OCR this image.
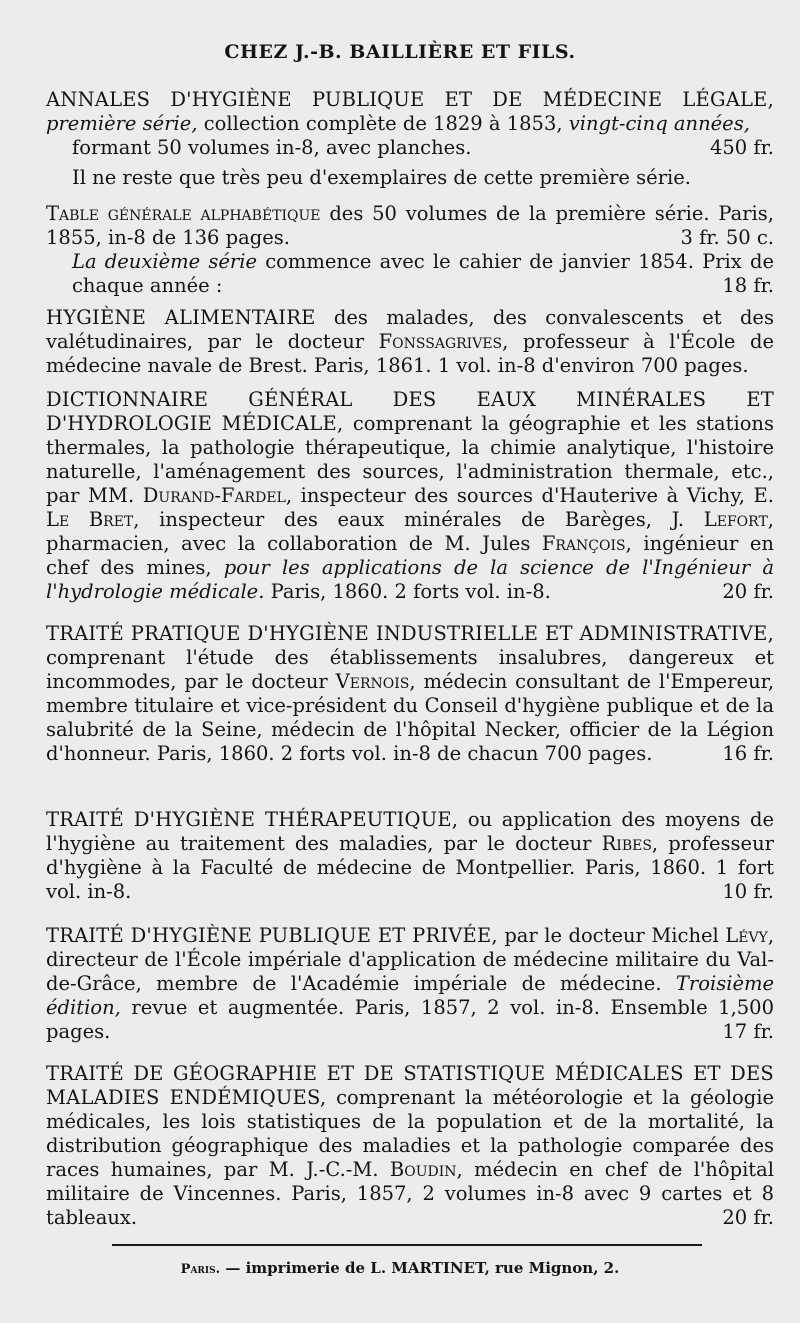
CHEZ J.-B. BAILLIÈRE ET FILS.

ANNALES D'HYGIÈNE PUBLIQUE ET DE MÉDECINE LÉGALE, première série, collection complète de 1829 à 1853, vingt-cinq années,

formant 50 volumes in-8, avec planches.	450 fr.

Il ne reste que très peu d'exemplaires de cette première série.

Table générale alphabétique des 50 volumes de la première série. Paris, 1855, in-8 de 136 pages.	3 fr. 50 c.

La deuxième série commence avec le cahier de janvier 1854. Prix de chaque année :	18 fr.

HYGIÈNE ALIMENTAIRE des malades, des convalescents et des valétudinaires, par le docteur Fonssagrives, professeur à l'École de médecine navale de Brest. Paris, 1861. 1 vol. in-8 d'environ 700 pages.

DICTIONNAIRE GÉNÉRAL DES EAUX MINÉRALES ET D'HYDROLOGIE MÉDICALE, comprenant la géographie et les stations thermales, la pathologie thérapeutique, la chimie analytique, l'histoire naturelle, l'aménagement des sources, l'administration thermale, etc., par MM. Durand-Fardel, inspecteur des sources d'Hauterive à Vichy, E. Le Bret, inspecteur des eaux minérales de Barèges, J. Lefort, pharmacien, avec la collaboration de M. Jules François, ingénieur en chef des mines, pour les applications de la science de l'Ingénieur à l'hydrologie médicale. Paris, 1860. 2 forts vol. in-8.	20 fr.

TRAITÉ PRATIQUE D'HYGIÈNE INDUSTRIELLE ET ADMINISTRATIVE, comprenant l'étude des établissements insalubres, dangereux et incommodes, par le docteur Vernois, médecin consultant de l'Empereur, membre titulaire et vice-président du Conseil d'hygiène publique et de la salubrité de la Seine, médecin de l'hôpital Necker, officier de la Légion d'honneur. Paris, 1860. 2 forts vol. in-8 de chacun 700 pages.	16 fr.

TRAITÉ D'HYGIÈNE THÉRAPEUTIQUE, ou application des moyens de l'hygiène au traitement des maladies, par le docteur Ribes, professeur d'hygiène à la Faculté de médecine de Montpellier. Paris, 1860. 1 fort vol. in-8.	10 fr.

TRAITÉ D'HYGIÈNE PUBLIQUE ET PRIVÉE, par le docteur Michel Lévy, directeur de l'École impériale d'application de médecine militaire du Val-de-Grâce, membre de l'Académie impériale de médecine. Troisième édition, revue et augmentée. Paris, 1857, 2 vol. in-8. Ensemble 1,500 pages.	17 fr.

TRAITÉ DE GÉOGRAPHIE ET DE STATISTIQUE MÉDICALES ET DES MALADIES ENDÉMIQUES, comprenant la météorologie et la géologie médicales, les lois statistiques de la population et de la mortalité, la distribution géographique des maladies et la pathologie comparée des races humaines, par M. J.-C.-M. Boudin, médecin en chef de l'hôpital militaire de Vincennes. Paris, 1857, 2 volumes in-8 avec 9 cartes et 8 tableaux.	20 fr.

Paris. — imprimerie de L. MARTINET, rue Mignon, 2.
